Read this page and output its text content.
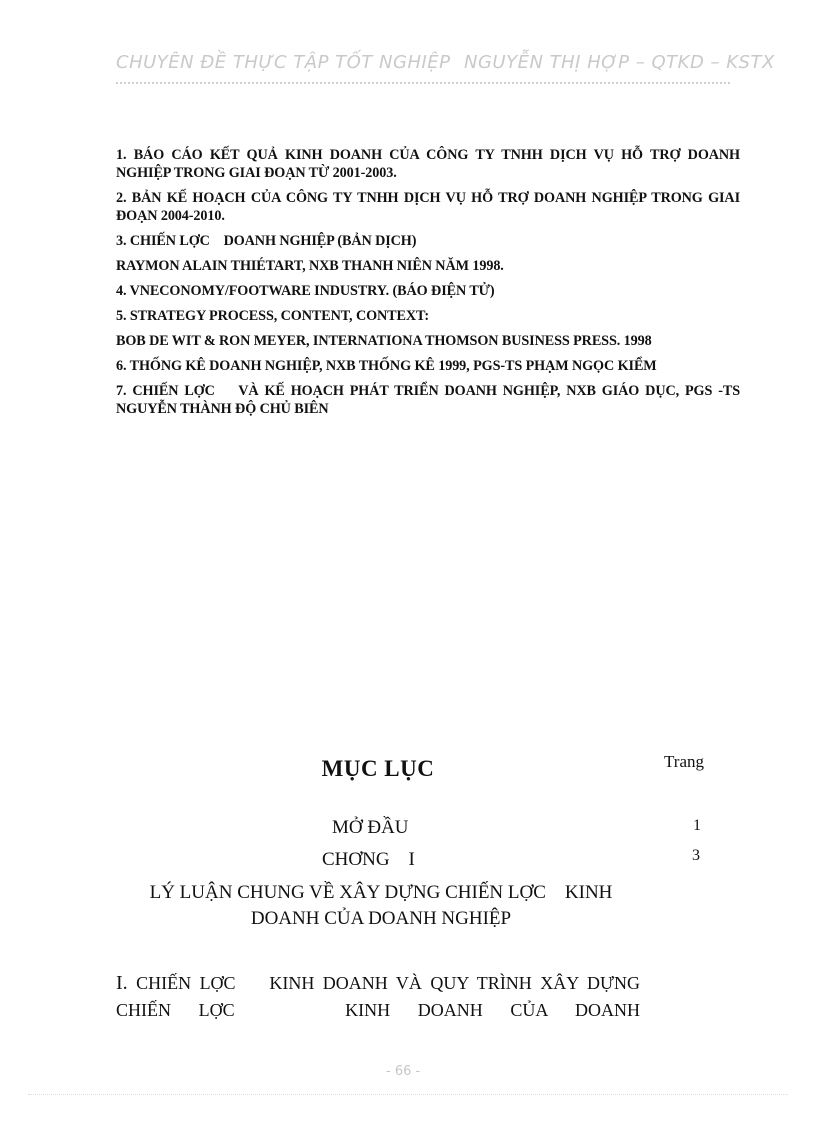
CHUYÊN ĐỀ THỰC TẬP TỐT NGHIỆP NGUYỄN THỊ HỢP – QTKD – KSTX

1. BÁO CÁO KẾT QUẢ KINH DOANH CỦA CÔNG TY TNHH DỊCH VỤ HỖ TRỢ DOANH NGHIỆP TRONG GIAI ĐOẠN TỪ 2001-2003.

2. BẢN KẾ HOẠCH CỦA CÔNG TY TNHH DỊCH VỤ HỖ TRỢ DOANH NGHIỆP TRONG GIAI ĐOẠN 2004-2010.

3. CHIẾN LỢC    DOANH NGHIỆP (BẢN DỊCH)

RAYMON ALAIN THIÉTART, NXB THANH NIÊN NĂM 1998.

4. VNECONOMY/FOOTWARE INDUSTRY. (BÁO ĐIỆN TỬ)

5. STRATEGY PROCESS, CONTENT, CONTEXT:

BOB DE WIT & RON MEYER, INTERNATIONA THOMSON BUSINESS PRESS. 1998

6. THỐNG KÊ DOANH NGHIỆP, NXB THỐNG KÊ 1999, PGS-TS PHẠM NGỌC KIỂM

7. CHIẾN LỢC    VÀ KẾ HOẠCH PHÁT TRIỂN DOANH NGHIỆP, NXB GIÁO DỤC, PGS -TS NGUYỄN THÀNH ĐỘ CHỦ BIÊN

MỤC LỤC	Trang
MỞ ĐẦU	1
CHƠNG    I	3
LÝ LUẬN CHUNG VỀ XÂY DỰNG CHIẾN LỢC    KINH DOANH CỦA DOANH NGHIỆP
I. CHIẾN LỢC    KINH DOANH VÀ QUY TRÌNH XÂY DỰNG    CHIẾN LỢC    KINH DOANH CỦA DOANH
- 66 -
